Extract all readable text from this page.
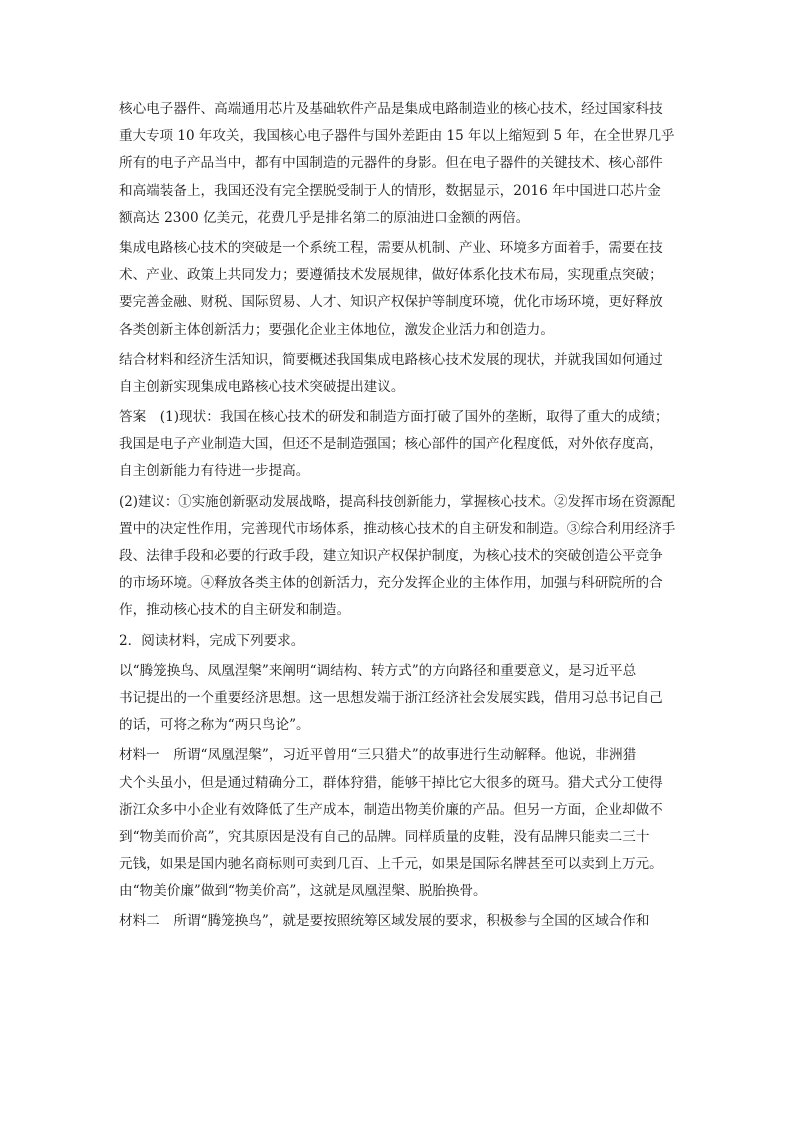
核心电子器件、高端通用芯片及基础软件产品是集成电路制造业的核心技术，经过国家科技
重大专项 10 年攻关，我国核心电子器件与国外差距由 15 年以上缩短到 5 年，在全世界几乎
所有的电子产品当中，都有中国制造的元器件的身影。但在电子器件的关键技术、核心部件
和高端装备上，我国还没有完全摆脱受制于人的情形，数据显示，2016 年中国进口芯片金
额高达 2300 亿美元，花费几乎是排名第二的原油进口金额的两倍。
集成电路核心技术的突破是一个系统工程，需要从机制、产业、环境多方面着手，需要在技
术、产业、政策上共同发力；要遵循技术发展规律，做好体系化技术布局，实现重点突破；
要完善金融、财税、国际贸易、人才、知识产权保护等制度环境，优化市场环境，更好释放
各类创新主体创新活力；要强化企业主体地位，激发企业活力和创造力。
结合材料和经济生活知识，简要概述我国集成电路核心技术发展的现状，并就我国如何通过
自主创新实现集成电路核心技术突破提出建议。
答案　(1)现状：我国在核心技术的研发和制造方面打破了国外的垄断，取得了重大的成绩；
我国是电子产业制造大国，但还不是制造强国；核心部件的国产化程度低，对外依存度高，
自主创新能力有待进一步提高。
(2)建议：①实施创新驱动发展战略，提高科技创新能力，掌握核心技术。②发挥市场在资源配
置中的决定性作用，完善现代市场体系，推动核心技术的自主研发和制造。③综合利用经济手
段、法律手段和必要的行政手段，建立知识产权保护制度，为核心技术的突破创造公平竞争
的市场环境。④释放各类主体的创新活力，充分发挥企业的主体作用，加强与科研院所的合
作，推动核心技术的自主研发和制造。
2．阅读材料，完成下列要求。
以“腾笼换鸟、凤凰涅槃”来阐明“调结构、转方式”的方向路径和重要意义，是习近平总
书记提出的一个重要经济思想。这一思想发端于浙江经济社会发展实践，借用习总书记自己
的话，可将之称为“两只鸟论”。
材料一　所谓“凤凰涅槃”，习近平曾用“三只猎犬”的故事进行生动解释。他说，非洲猎
犬个头虽小，但是通过精确分工，群体狩猎，能够干掉比它大很多的斑马。猎犬式分工使得
浙江众多中小企业有效降低了生产成本，制造出物美价廉的产品。但另一方面，企业却做不
到“物美而价高”，究其原因是没有自己的品牌。同样质量的皮鞋，没有品牌只能卖二三十
元钱，如果是国内驰名商标则可卖到几百、上千元，如果是国际名牌甚至可以卖到上万元。
由“物美价廉”做到“物美价高”，这就是凤凰涅槃、脱胎换骨。
材料二　所谓“腾笼换鸟”，就是要按照统筹区域发展的要求，积极参与全国的区域合作和
